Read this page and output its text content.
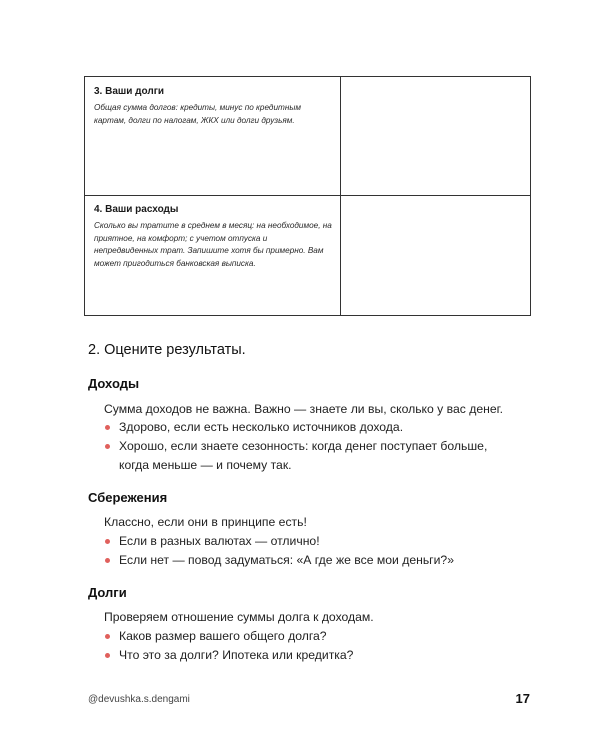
3. Ваши долги
Общая сумма долгов: кредиты, минус по кредитным картам, долги по налогам, ЖКХ или долги друзьям.
4. Ваши расходы
Сколько вы тратите в среднем в месяц: на необходимое, на приятное, на комфорт; с учетом отпуска и непредвиденных трат. Запишите хотя бы примерно. Вам может пригодиться банковская выписка.
2. Оцените результаты.
Доходы
Сумма доходов не важна. Важно — знаете ли вы, сколько у вас денег.
Здорово, если есть несколько источников дохода.
Хорошо, если знаете сезонность: когда денег поступает больше,
когда меньше — и почему так.
Сбережения
Классно, если они в принципе есть!
Если в разных валютах — отлично!
Если нет — повод задуматься: «А где же все мои деньги?»
Долги
Проверяем отношение суммы долга к доходам.
Каков размер вашего общего долга?
Что это за долги? Ипотека или кредитка?
@devushka.s.dengami	17
